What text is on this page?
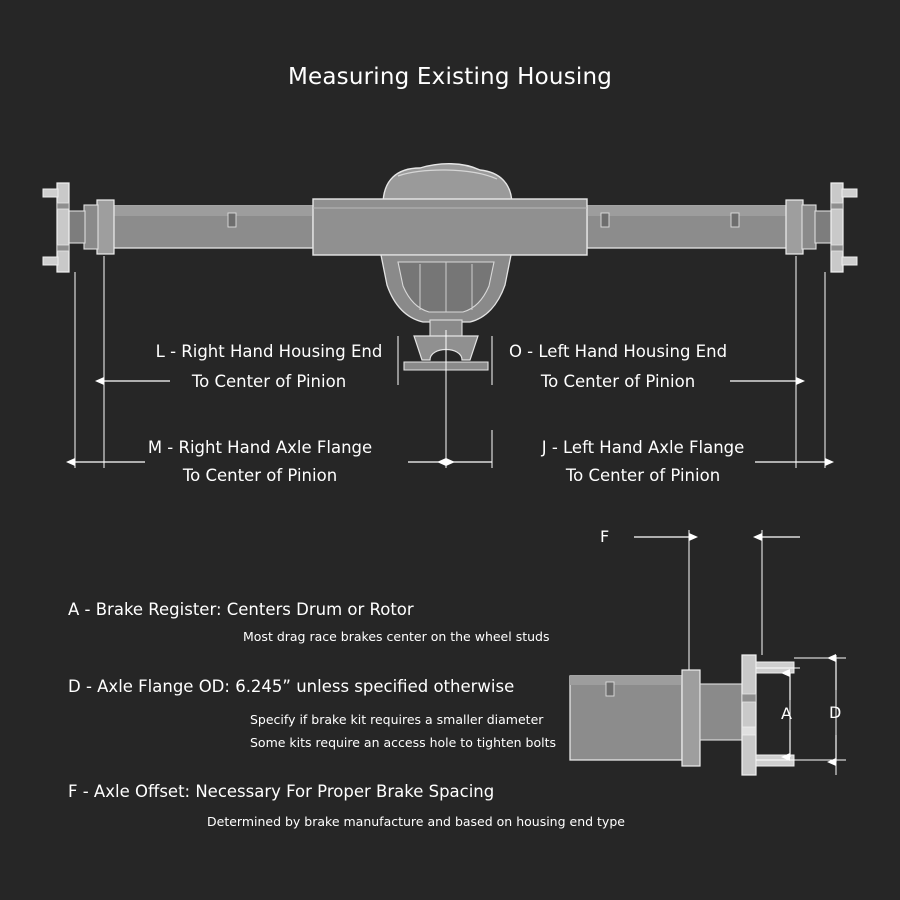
Measuring Existing Housing
L - Right Hand Housing End
To Center of Pinion
O - Left Hand Housing End
To Center of Pinion
M - Right Hand Axle Flange
To Center of Pinion
J - Left Hand Axle Flange
To Center of Pinion
A - Brake Register: Centers Drum or Rotor
Most drag race brakes center on the wheel studs
D - Axle Flange OD: 6.245” unless specified otherwise
Specify if brake kit requires a smaller diameter
Some kits require an access hole to tighten bolts
F - Axle Offset: Necessary For Proper Brake Spacing
Determined by brake manufacture and based on housing end type
F
A D
